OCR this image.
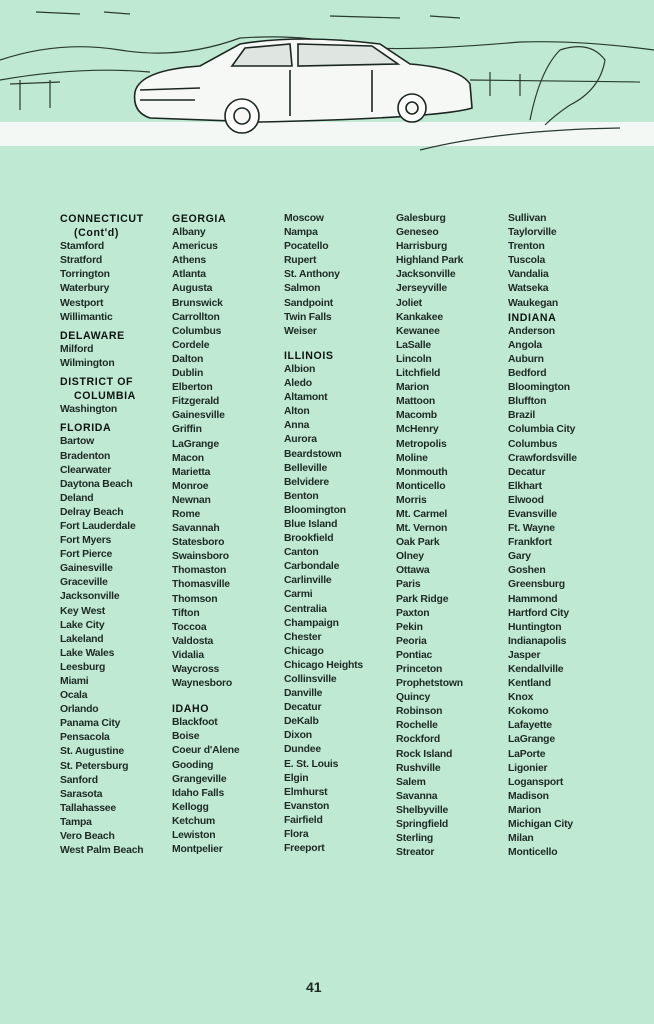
CONNECTICUT
(Cont'd)
Stamford
Stratford
Torrington
Waterbury
Westport
Willimantic
DELAWARE
Milford
Wilmington
DISTRICT OF
COLUMBIA
Washington
FLORIDA
Bartow
Bradenton
Clearwater
Daytona Beach
Deland
Delray Beach
Fort Lauderdale
Fort Myers
Fort Pierce
Gainesville
Graceville
Jacksonville
Key West
Lake City
Lakeland
Lake Wales
Leesburg
Miami
Ocala
Orlando
Panama City
Pensacola
St. Augustine
St. Petersburg
Sanford
Sarasota
Tallahassee
Tampa
Vero Beach
West Palm Beach
GEORGIA
Albany
Americus
Athens
Atlanta
Augusta
Brunswick
Carrollton
Columbus
Cordele
Dalton
Dublin
Elberton
Fitzgerald
Gainesville
Griffin
LaGrange
Macon
Marietta
Monroe
Newnan
Rome
Savannah
Statesboro
Swainsboro
Thomaston
Thomasville
Thomson
Tifton
Toccoa
Valdosta
Vidalia
Waycross
Waynesboro
IDAHO
Blackfoot
Boise
Coeur d'Alene
Gooding
Grangeville
Idaho Falls
Kellogg
Ketchum
Lewiston
Montpelier
Moscow
Nampa
Pocatello
Rupert
St. Anthony
Salmon
Sandpoint
Twin Falls
Weiser
ILLINOIS
Albion
Aledo
Altamont
Alton
Anna
Aurora
Beardstown
Belleville
Belvidere
Benton
Bloomington
Blue Island
Brookfield
Canton
Carbondale
Carlinville
Carmi
Centralia
Champaign
Chester
Chicago
Chicago Heights
Collinsville
Danville
Decatur
DeKalb
Dixon
Dundee
E. St. Louis
Elgin
Elmhurst
Evanston
Fairfield
Flora
Freeport
Galesburg
Geneseo
Harrisburg
Highland Park
Jacksonville
Jerseyville
Joliet
Kankakee
Kewanee
LaSalle
Lincoln
Litchfield
Marion
Mattoon
Macomb
McHenry
Metropolis
Moline
Monmouth
Monticello
Morris
Mt. Carmel
Mt. Vernon
Oak Park
Olney
Ottawa
Paris
Park Ridge
Paxton
Pekin
Peoria
Pontiac
Princeton
Prophetstown
Quincy
Robinson
Rochelle
Rockford
Rock Island
Rushville
Salem
Savanna
Shelbyville
Springfield
Sterling
Streator
Sullivan
Taylorville
Trenton
Tuscola
Vandalia
Watseka
Waukegan
INDIANA
Anderson
Angola
Auburn
Bedford
Bloomington
Bluffton
Brazil
Columbia City
Columbus
Crawfordsville
Decatur
Elkhart
Elwood
Evansville
Ft. Wayne
Frankfort
Gary
Goshen
Greensburg
Hammond
Hartford City
Huntington
Indianapolis
Jasper
Kendallville
Kentland
Knox
Kokomo
Lafayette
LaGrange
LaPorte
Ligonier
Logansport
Madison
Marion
Michigan City
Milan
Monticello
41
